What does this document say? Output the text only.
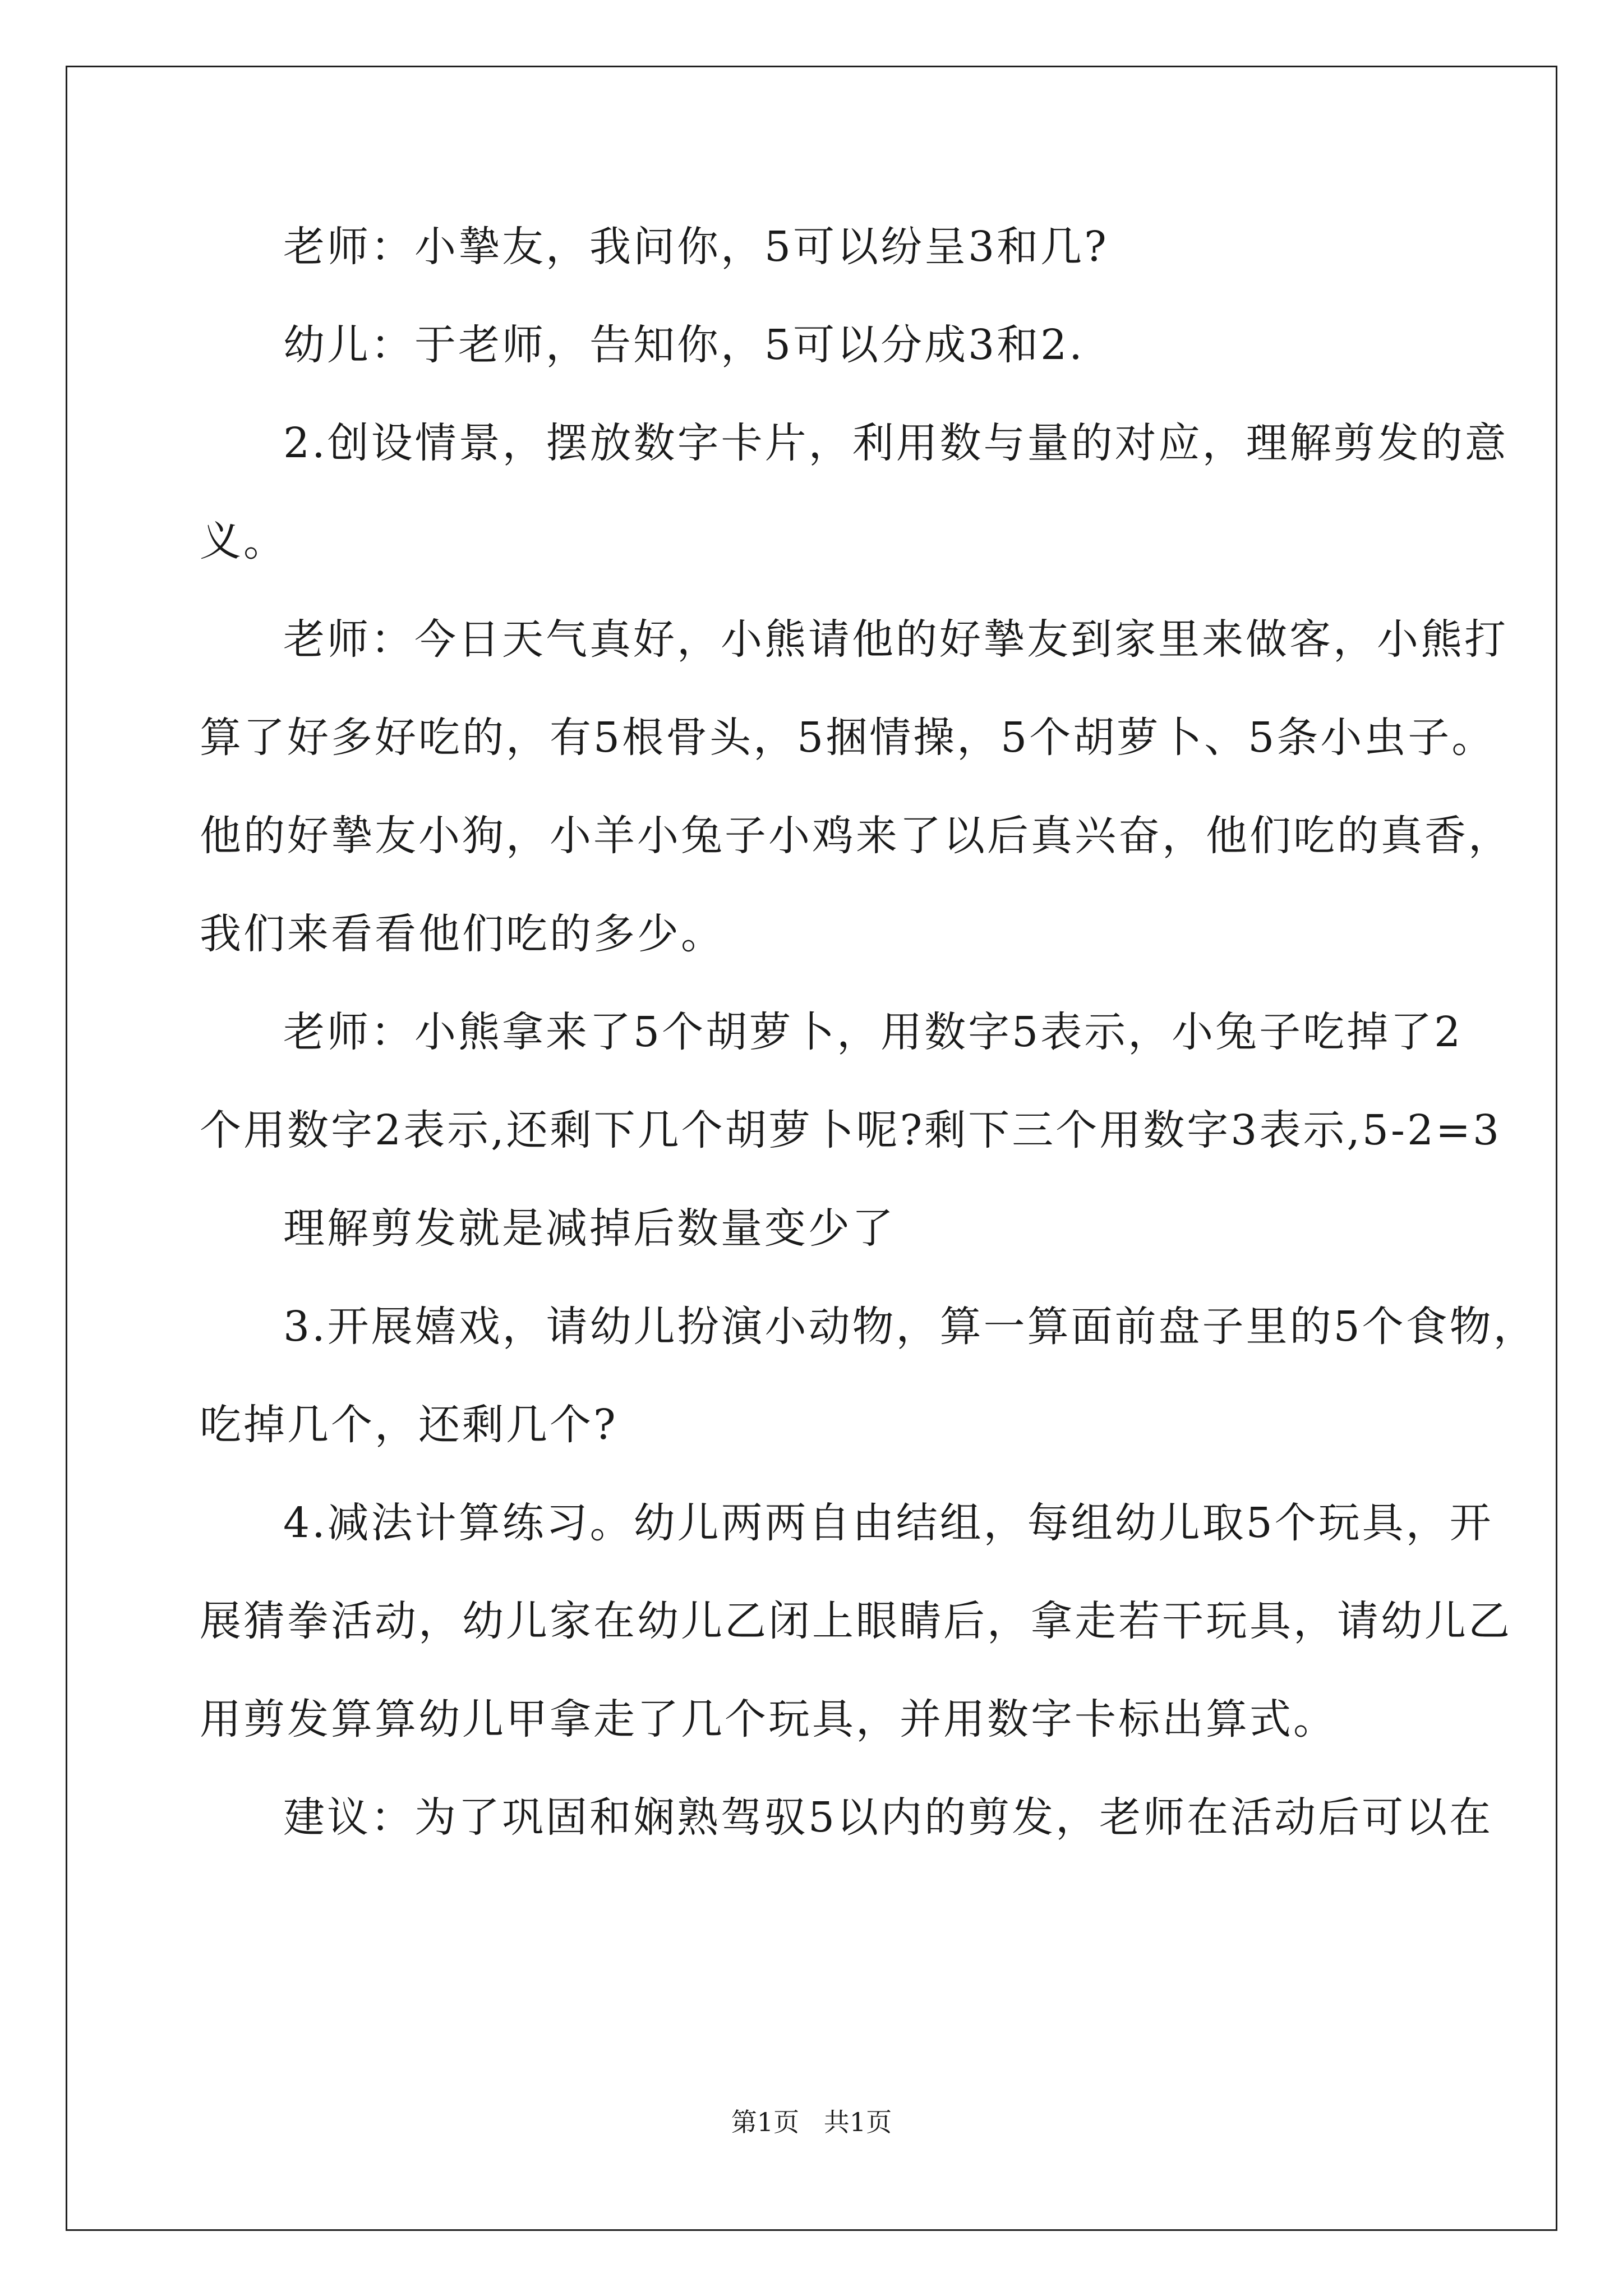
老师：小摯友，我问你，5可以纷呈3和几?
幼儿：于老师，告知你，5可以分成3和2.
2.创设情景，摆放数字卡片，利用数与量的对应，理解剪发的意
义。
老师：今日天气真好，小熊请他的好摯友到家里来做客，小熊打
算了好多好吃的，有5根骨头，5捆情操，5个胡萝卜、5条小虫子。
他的好摯友小狗，小羊小兔子小鸡来了以后真兴奋，他们吃的真香，
我们来看看他们吃的多少。
老师：小熊拿来了5个胡萝卜，用数字5表示，小兔子吃掉了2
个用数字2表示,还剩下几个胡萝卜呢?剩下三个用数字3表示,5-2=3
理解剪发就是减掉后数量变少了
3.开展嬉戏，请幼儿扮演小动物，算一算面前盘子里的5个食物，
吃掉几个，还剩几个?
4.减法计算练习。幼儿两两自由结组，每组幼儿取5个玩具，开
展猜拳活动，幼儿家在幼儿乙闭上眼睛后，拿走若干玩具，请幼儿乙
用剪发算算幼儿甲拿走了几个玩具，并用数字卡标出算式。
建议：为了巩固和娴熟驾驭5以内的剪发，老师在活动后可以在
第1页   共1页
